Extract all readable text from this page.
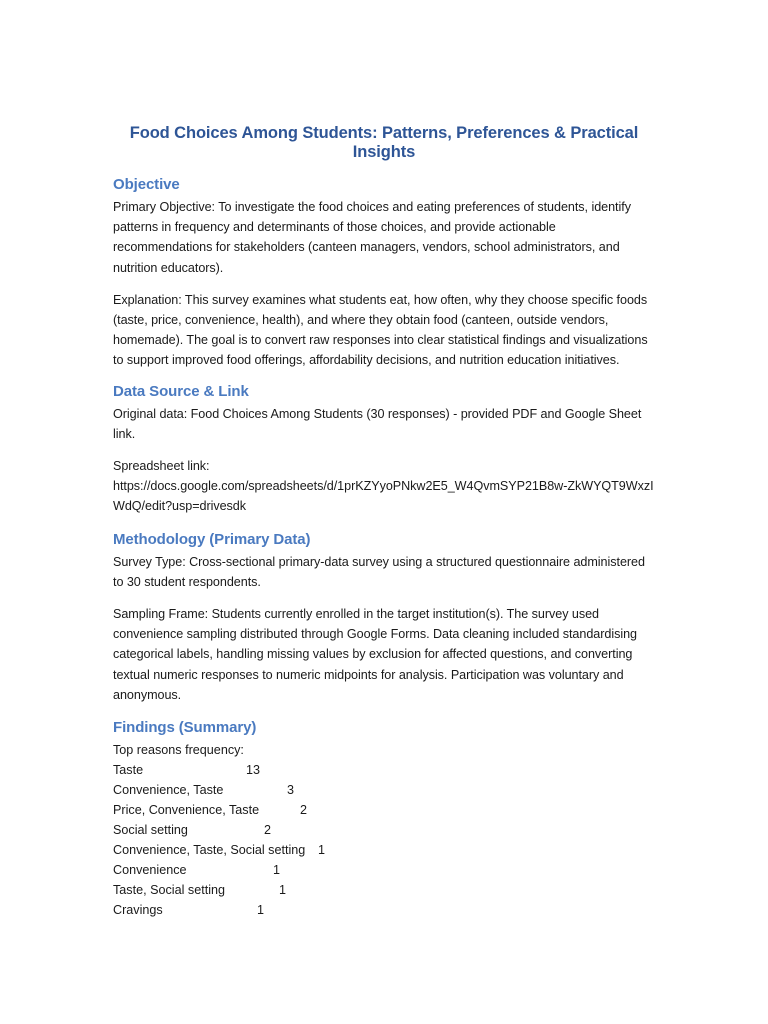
Food Choices Among Students: Patterns, Preferences & Practical Insights
Objective

Primary Objective: To investigate the food choices and eating preferences of students, identify patterns in frequency and determinants of those choices, and provide actionable recommendations for stakeholders (canteen managers, vendors, school administrators, and nutrition educators).

Explanation: This survey examines what students eat, how often, why they choose specific foods (taste, price, convenience, health), and where they obtain food (canteen, outside vendors, homemade). The goal is to convert raw responses into clear statistical findings and visualizations to support improved food offerings, affordability decisions, and nutrition education initiatives.

Data Source & Link

Original data: Food Choices Among Students (30 responses) - provided PDF and Google Sheet link.

Spreadsheet link:
https://docs.google.com/spreadsheets/d/1prKZYyoPNkw2E5_W4QvmSYP21B8w-ZkWYQT9WxzIWdQ/edit?usp=drivesdk

Methodology (Primary Data)

Survey Type: Cross-sectional primary-data survey using a structured questionnaire administered to 30 student respondents.

Sampling Frame: Students currently enrolled in the target institution(s). The survey used convenience sampling distributed through Google Forms. Data cleaning included standardising categorical labels, handling missing values by exclusion for affected questions, and converting textual numeric responses to numeric midpoints for analysis. Participation was voluntary and anonymous.

Findings (Summary)
Top reasons frequency:
Taste	13
Convenience, Taste	3
Price, Convenience, Taste	2
Social setting	2
Convenience, Taste, Social setting 1
Convenience	1
Taste, Social setting	1
Cravings	1
